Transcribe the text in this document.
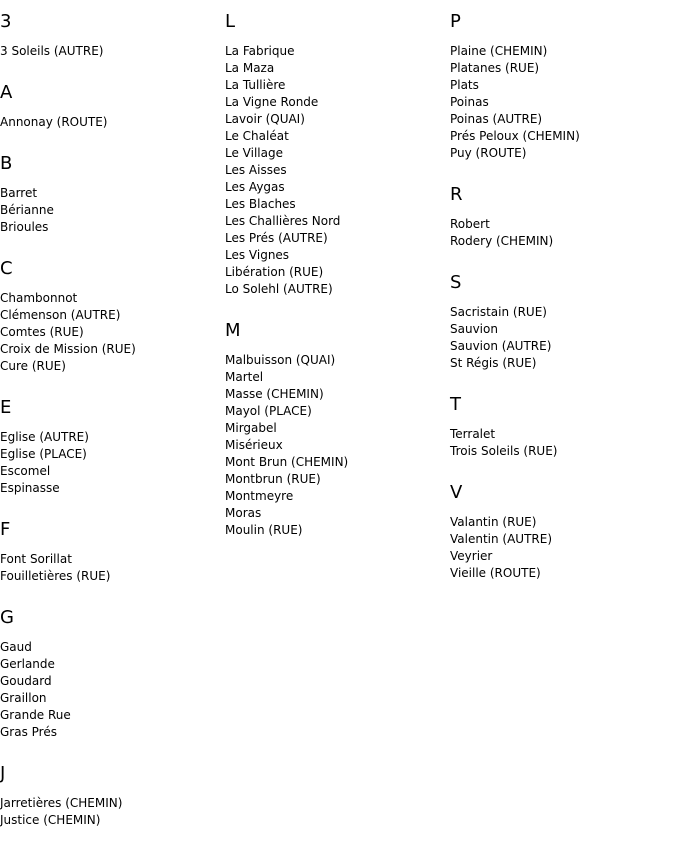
3
3 Soleils (AUTRE)
A
Annonay (ROUTE)
B
Barret
Bérianne
Brioules
C
Chambonnot
Clémenson (AUTRE)
Comtes (RUE)
Croix de Mission (RUE)
Cure (RUE)
E
Eglise (AUTRE)
Eglise (PLACE)
Escomel
Espinasse
F
Font Sorillat
Fouilletières (RUE)
G
Gaud
Gerlande
Goudard
Graillon
Grande Rue
Gras Prés
J
Jarretières (CHEMIN)
Justice (CHEMIN)
L
La Fabrique
La Maza
La Tullière
La Vigne Ronde
Lavoir (QUAI)
Le Chaléat
Le Village
Les Aisses
Les Aygas
Les Blaches
Les Challières Nord
Les Prés (AUTRE)
Les Vignes
Libération (RUE)
Lo Solehl (AUTRE)
M
Malbuisson (QUAI)
Martel
Masse (CHEMIN)
Mayol (PLACE)
Mirgabel
Misérieux
Mont Brun (CHEMIN)
Montbrun (RUE)
Montmeyre
Moras
Moulin (RUE)
P
Plaine (CHEMIN)
Platanes (RUE)
Plats
Poinas
Poinas (AUTRE)
Prés Peloux (CHEMIN)
Puy (ROUTE)
R
Robert
Rodery (CHEMIN)
S
Sacristain (RUE)
Sauvion
Sauvion (AUTRE)
St Régis (RUE)
T
Terralet
Trois Soleils (RUE)
V
Valantin (RUE)
Valentin (AUTRE)
Veyrier
Vieille (ROUTE)
